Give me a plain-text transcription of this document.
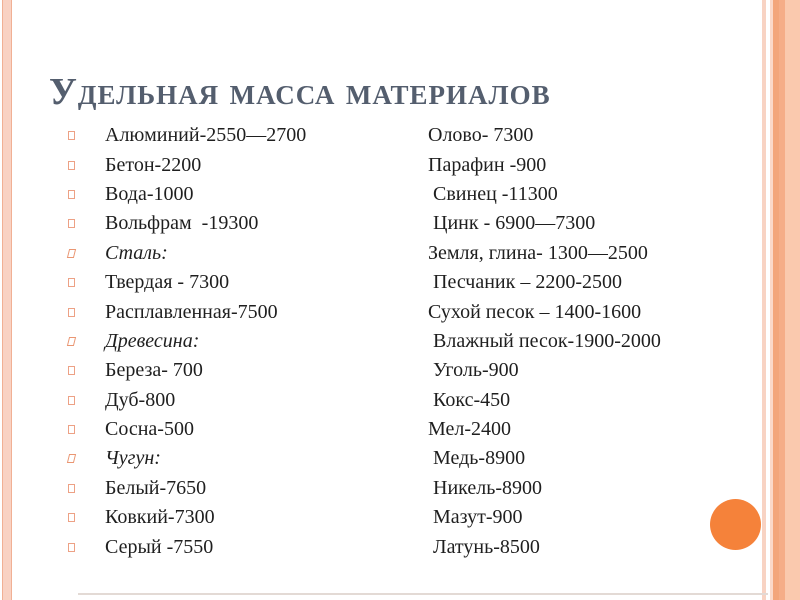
Удельная масса материалов
Алюминий-2550—2700	Олово- 7300
Бетон-2200	Парафин -900
Вода-1000	Свинец -11300
Вольфрам  -19300	Цинк - 6900—7300
Сталь:	Земля, глина- 1300—2500
Твердая - 7300	Песчаник – 2200-2500
Расплавленная-7500	Сухой песок – 1400-1600
Древесина:	Влажный песок-1900-2000
Береза- 700	Уголь-900
Дуб-800	Кокс-450
Сосна-500	Мел-2400
Чугун:	Медь-8900
Белый-7650	Никель-8900
Ковкий-7300	Мазут-900
Серый -7550	Латунь-8500
